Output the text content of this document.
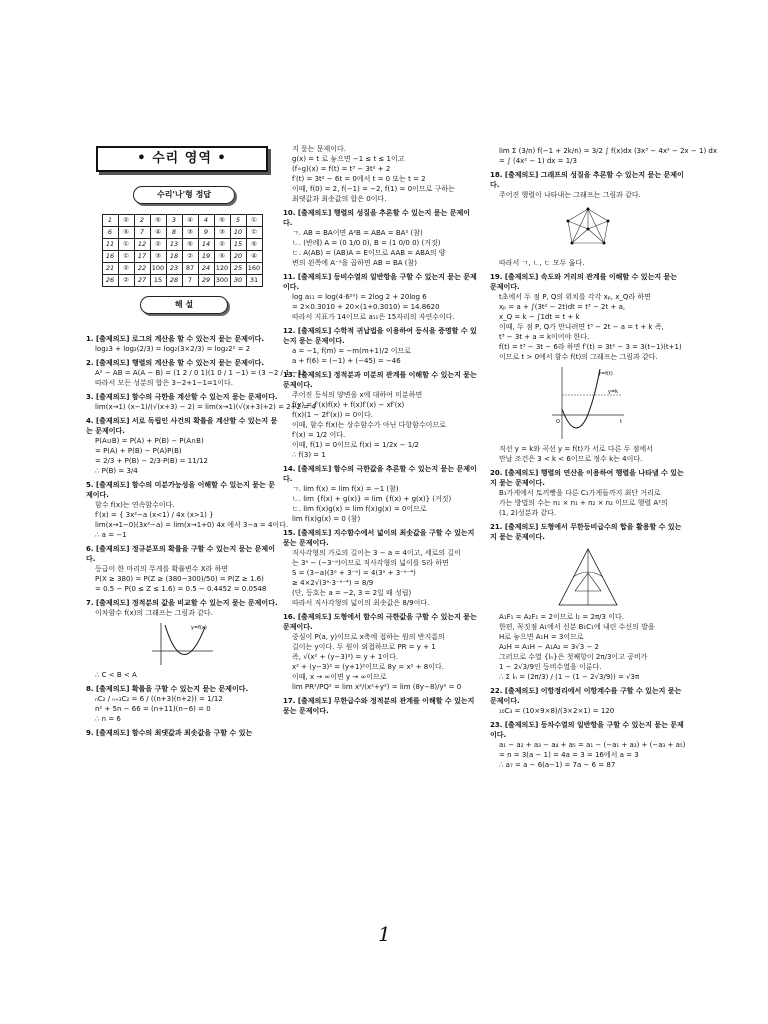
• 수리 영역 •
수리'나'형 정답
1	②	2	⑤	3	④	4	⑤	5	①
6	⑤	7	④	8	③	9	③	10	①
11	①	12	②	13	⑤	14	②	15	⑤
16	①	17	③	18	②	19	⑤	20	④
21	②	22	100	23	87	24	120	25	160
26	②	27	15	28	7	29	300	30	31
해 설
1. [출제의도] 로그의 계산을 할 수 있는지 묻는 문제이다.
log₂3 + log₂(2/3) = log₂(3×2/3) = log₂2² = 2
2. [출제의도] 행렬의 계산을 할 수 있는지 묻는 문제이다.
A² − AB = A(A − B) = (1 2 / 0 1)(1 0 / 1 −1) = (3 −2 / 1 −1)
따라서 모든 성분의 합은 3−2+1−1=1이다.
3. [출제의도] 함수의 극한을 계산할 수 있는지 묻는 문제이다.
lim(x→1) (x−1)/(√(x+3) − 2) = lim(x→1)(√(x+3)+2) = 2+2 = 4
4. [출제의도] 서로 독립인 사건의 확률을 계산할 수 있는지 묻는 문제이다.
P(A∪B) = P(A) + P(B) − P(A∩B)
= P(A) + P(B) − P(A)P(B)
= 2/3 + P(B) − 2/3·P(B) = 11/12
∴ P(B) = 3/4
5. [출제의도] 함수의 미분가능성을 이해할 수 있는지 묻는 문제이다.
함수 f(x)는 연속함수이다.
f′(x) = { 3x²−a (x<1) / 4x (x>1) }
lim(x→1−0)(3x²−a) = lim(x→1+0) 4x 에서 3−a = 4이다.
∴ a = −1
6. [출제의도] 정규분포의 확률을 구할 수 있는지 묻는 문제이다.
등급이 한 마리의 무게를 확률변수 X라 하면
P(X ≥ 380) = P(Z ≥ (380−300)/50) = P(Z ≥ 1.6)
= 0.5 − P(0 ≤ Z ≤ 1.6) = 0.5 − 0.4452 = 0.0548
7. [출제의도] 정적분의 값을 비교할 수 있는지 묻는 문제이다.
이차함수 f(x)의 그래프는 그림과 같다.
y=f(x)
∴ C < B < A
8. [출제의도] 확률을 구할 수 있는지 묻는 문제이다.
ₙC₂ / ₙ₊₃C₂ = 6 / ((n+3)(n+2)) = 1/12
n² + 5n − 66 = (n+11)(n−6) = 0
∴ n = 6
9. [출제의도] 함수의 최댓값과 최솟값을 구할 수 있는
지 묻는 문제이다.
g(x) = t 로 놓으면 −1 ≤ t ≤ 1이고
(f∘g)(x) = f(t) = t³ − 3t² + 2
f′(t) = 3t² − 6t = 0에서 t = 0 또는 t = 2
이때, f(0) = 2, f(−1) = −2, f(1) = 0이므로 구하는
최댓값과 최솟값의 합은 0이다.
10. [출제의도] 행렬의 성질을 추론할 수 있는지 묻는 문제이다.
ㄱ. AB = BA이면 A²B = ABA = BA² (참)
ㄴ. (반례) A = (0 1/0 0), B = (1 0/0 0) (거짓)
ㄷ. A(AB) = (AB)A = E이므로 AAB = ABA의 양
변의 왼쪽에 A⁻¹을 곱하면 AB = BA (참)
11. [출제의도] 등비수열의 일반항을 구할 수 있는지 묻는 문제이다.
log a₁₁ = log(4·6²⁰) = 2log 2 + 20log 6
= 2×0.3010 + 20×(1+0.3010) = 14.8620
따라서 지표가 14이므로 a₁₁은 15자리의 자연수이다.
12. [출제의도] 수학적 귀납법을 이용하여 등식을 증명할 수 있는지 묻는 문제이다.
a = −1, f(m) = −m(m+1)/2 이므로
a + f(6) = (−1) + (−45) = −46
13. [출제의도] 정적분과 미분의 관계를 이해할 수 있는지 묻는 문제이다.
주어진 등식의 양변을 x에 대하여 미분하면
f(x) = f′(x)f(x) + f(x)f′(x) − xf′(x)
f(x)(1 − 2f′(x)) = 0이다.
이때, 함수 f(x)는 상수함수가 아닌 다항함수이므로
f′(x) = 1/2 이다.
이때, f(1) = 0이므로 f(x) = 1/2x − 1/2
∴ f(3) = 1
14. [출제의도] 함수의 극한값을 추론할 수 있는지 묻는 문제이다.
ㄱ. lim f(x) = lim f(x) = −1 (참)
ㄴ. lim {f(x) + g(x)} = lim {f(x) + g(x)} (거짓)
ㄷ. lim f(x)g(x) = lim f(x)g(x) = 0이므로
lim f(x)g(x) = 0 (참)
15. [출제의도] 지수함수에서 넓이의 최솟값을 구할 수 있는지 묻는 문제이다.
직사각형의 가로의 길이는 3 − a = 4이고, 세로의 길이
는 3ᵃ − (−3⁻ᵃ)이므로 직사각형의 넓이를 S라 하면
S = (3−a)(3ᵃ + 3⁻ᵃ) = 4(3ᵃ + 3⁻ᵃ⁻⁴)
≥ 4×2√(3ᵃ·3⁻ᵃ⁻⁴) = 8/9
(단, 등호는 a = −2, 3 = 2일 때 성립)
따라서 직사각형의 넓이의 최솟값은 8/9이다.
16. [출제의도] 도형에서 함수의 극한값을 구할 수 있는지 묻는 문제이다.
중심이 P(a, y)이므로 x축에 접하는 원의 반지름의
길이는 y이다. 두 원이 외접하므로 PR = y + 1
즉, √(x² + (y−3)²) = y + 1이다.
x² + (y−3)² = (y+1)²이므로 8y = x² + 8이다.
이때, x → ∞이면 y → ∞이므로
lim PR²/PQ² = lim x²/(x²+y²) = lim (8y−8)/y² = 0
17. [출제의도] 무한급수와 정적분의 관계를 이해할 수 있는지 묻는 문제이다.
lim Σ (3/n) f(−1 + 2k/n) = 3/2 ∫ f(x)dx (3x³ − 4x² − 2x − 1) dx
= ∫ (4x² − 1) dx = 1/3
18. [출제의도] 그래프의 성질을 추론할 수 있는지 묻는 문제이다.
주어진 행렬이 나타내는 그래프는 그림과 같다.
따라서 ㄱ, ㄴ, ㄷ 모두 옳다.
19. [출제의도] 속도와 거리의 관계를 이해할 수 있는지 묻는 문제이다.
t초에서 두 점 P, Q의 위치를 각각 xₚ, x_Q라 하면
xₚ = a + ∫(3t² − 2t)dt = t³ − 2t + a,
x_Q = k − ∫1dt = t + k
이때, 두 점 P, Q가 만나려면 t³ − 2t − a = t + k 즉,
t³ − 3t + a = k이어야 한다.
f(t) = t³ − 3t − 6라 하면 f′(t) = 3t² − 3 = 3(t−1)(t+1)
이므로 t > 0에서 함수 f(t)의 그래프는 그림과 같다.
y=f(t)
y=k
t
O
직선 y = k와 곡선 y = f(t)가 서로 다른 두 점에서
만날 조건은 3 < k < 6이므로 정수 k는 4이다.
20. [출제의도] 행렬의 연산을 이용하여 행렬을 나타낼 수 있는지 묻는 문제이다.
B₁가게에서 토끼빵을 다른 C₁가게들까지 최단 거리로
가는 방법의 수는 n₁ × n₁ + n₂ × n₂ 이므로 행렬 A²의
(1, 2)성분과 같다.
21. [출제의도] 도형에서 무한등비급수의 합을 활용할 수 있는지 묻는 문제이다.
A₁F₁ = A₂F₁ = 2이므로 l₁ = 2π/3 이다.
한편, 꼭짓점 A₁에서 선분 B₁C₁에 내린 수선의 발을
H로 놓으면 A₁H = 3이므로
A₂H = A₁H − A₁A₂ = 3√3 − 2
그러므로 수열 {lₙ}은 첫째항이 2π/3이고 공비가
1 − 2√3/9인 등비수열을 이룬다.
∴ Σ lₙ = (2π/3) / (1 − (1 − 2√3/9)) = √3π
22. [출제의도] 이항정리에서 이항계수를 구할 수 있는지 묻는 문제이다.
₁₀C₃ = (10×9×8)/(3×2×1) = 120
23. [출제의도] 등차수열의 일반항을 구할 수 있는지 묻는 문제이다.
a₁ − a₂ + a₃ − a₄ + a₅ = a₁ − (−a₁ + a₃) + (−a₃ + a₅)
= n = 3(a − 1) = 4a = 3 = 16에서 a = 3
∴ a₇ = a − 6(a−1) = 7a − 6 = 87
1
